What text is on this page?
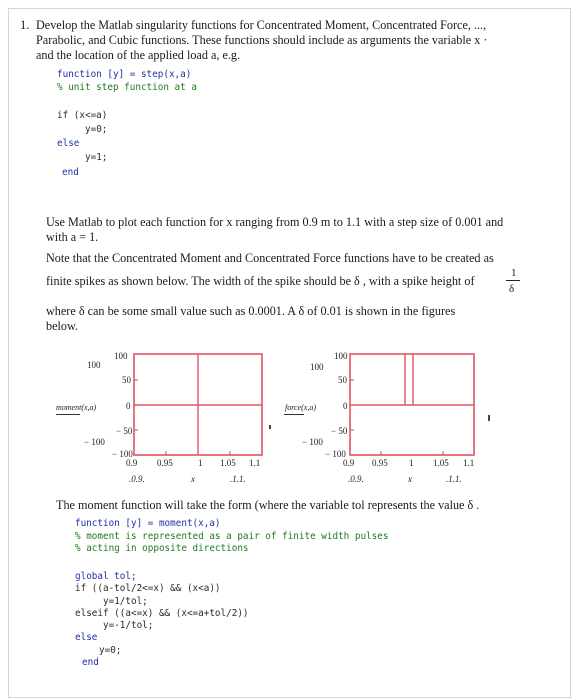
1. Develop the Matlab singularity functions for Concentrated Moment, Concentrated Force, ...,
Parabolic, and Cubic functions. These functions should include as arguments the variable x ·
and the location of the applied load a, e.g.
function [y] = step(x,a)
% unit step function at a
if (x<=a)
y=0;
else
y=1;
end
Use Matlab to plot each function for x ranging from 0.9 m to 1.1 with a step size of 0.001 and
with a = 1.
Note that the Concentrated Moment and Concentrated Force functions have to be created as
finite spikes as shown below. The width of the spike should be δ , with a spike height of
1
δ
where δ can be some small value such as 0.0001. A δ of 0.01 is shown in the figures
below.
100
− 100
moment(x,a)
100
50
0
− 50
− 100
0.9 0.95	1 1.05 1.1
.0.9.	x	.1.1.
100
− 100
force(x,a)
100
50
0
− 50
− 100
0.9 0.95 1 1.05 1.1
.0.9.	x	.1.1.
The moment function will take the form (where the variable tol represents the value δ .
function [y] = moment(x,a)
% moment is represented as a pair of finite width pulses
% acting in opposite directions
global tol;
if ((a-tol/2<=x) && (x<a))
y=1/tol;
elseif ((a<=x) && (x<=a+tol/2))
y=-1/tol;
else
y=0;
end
